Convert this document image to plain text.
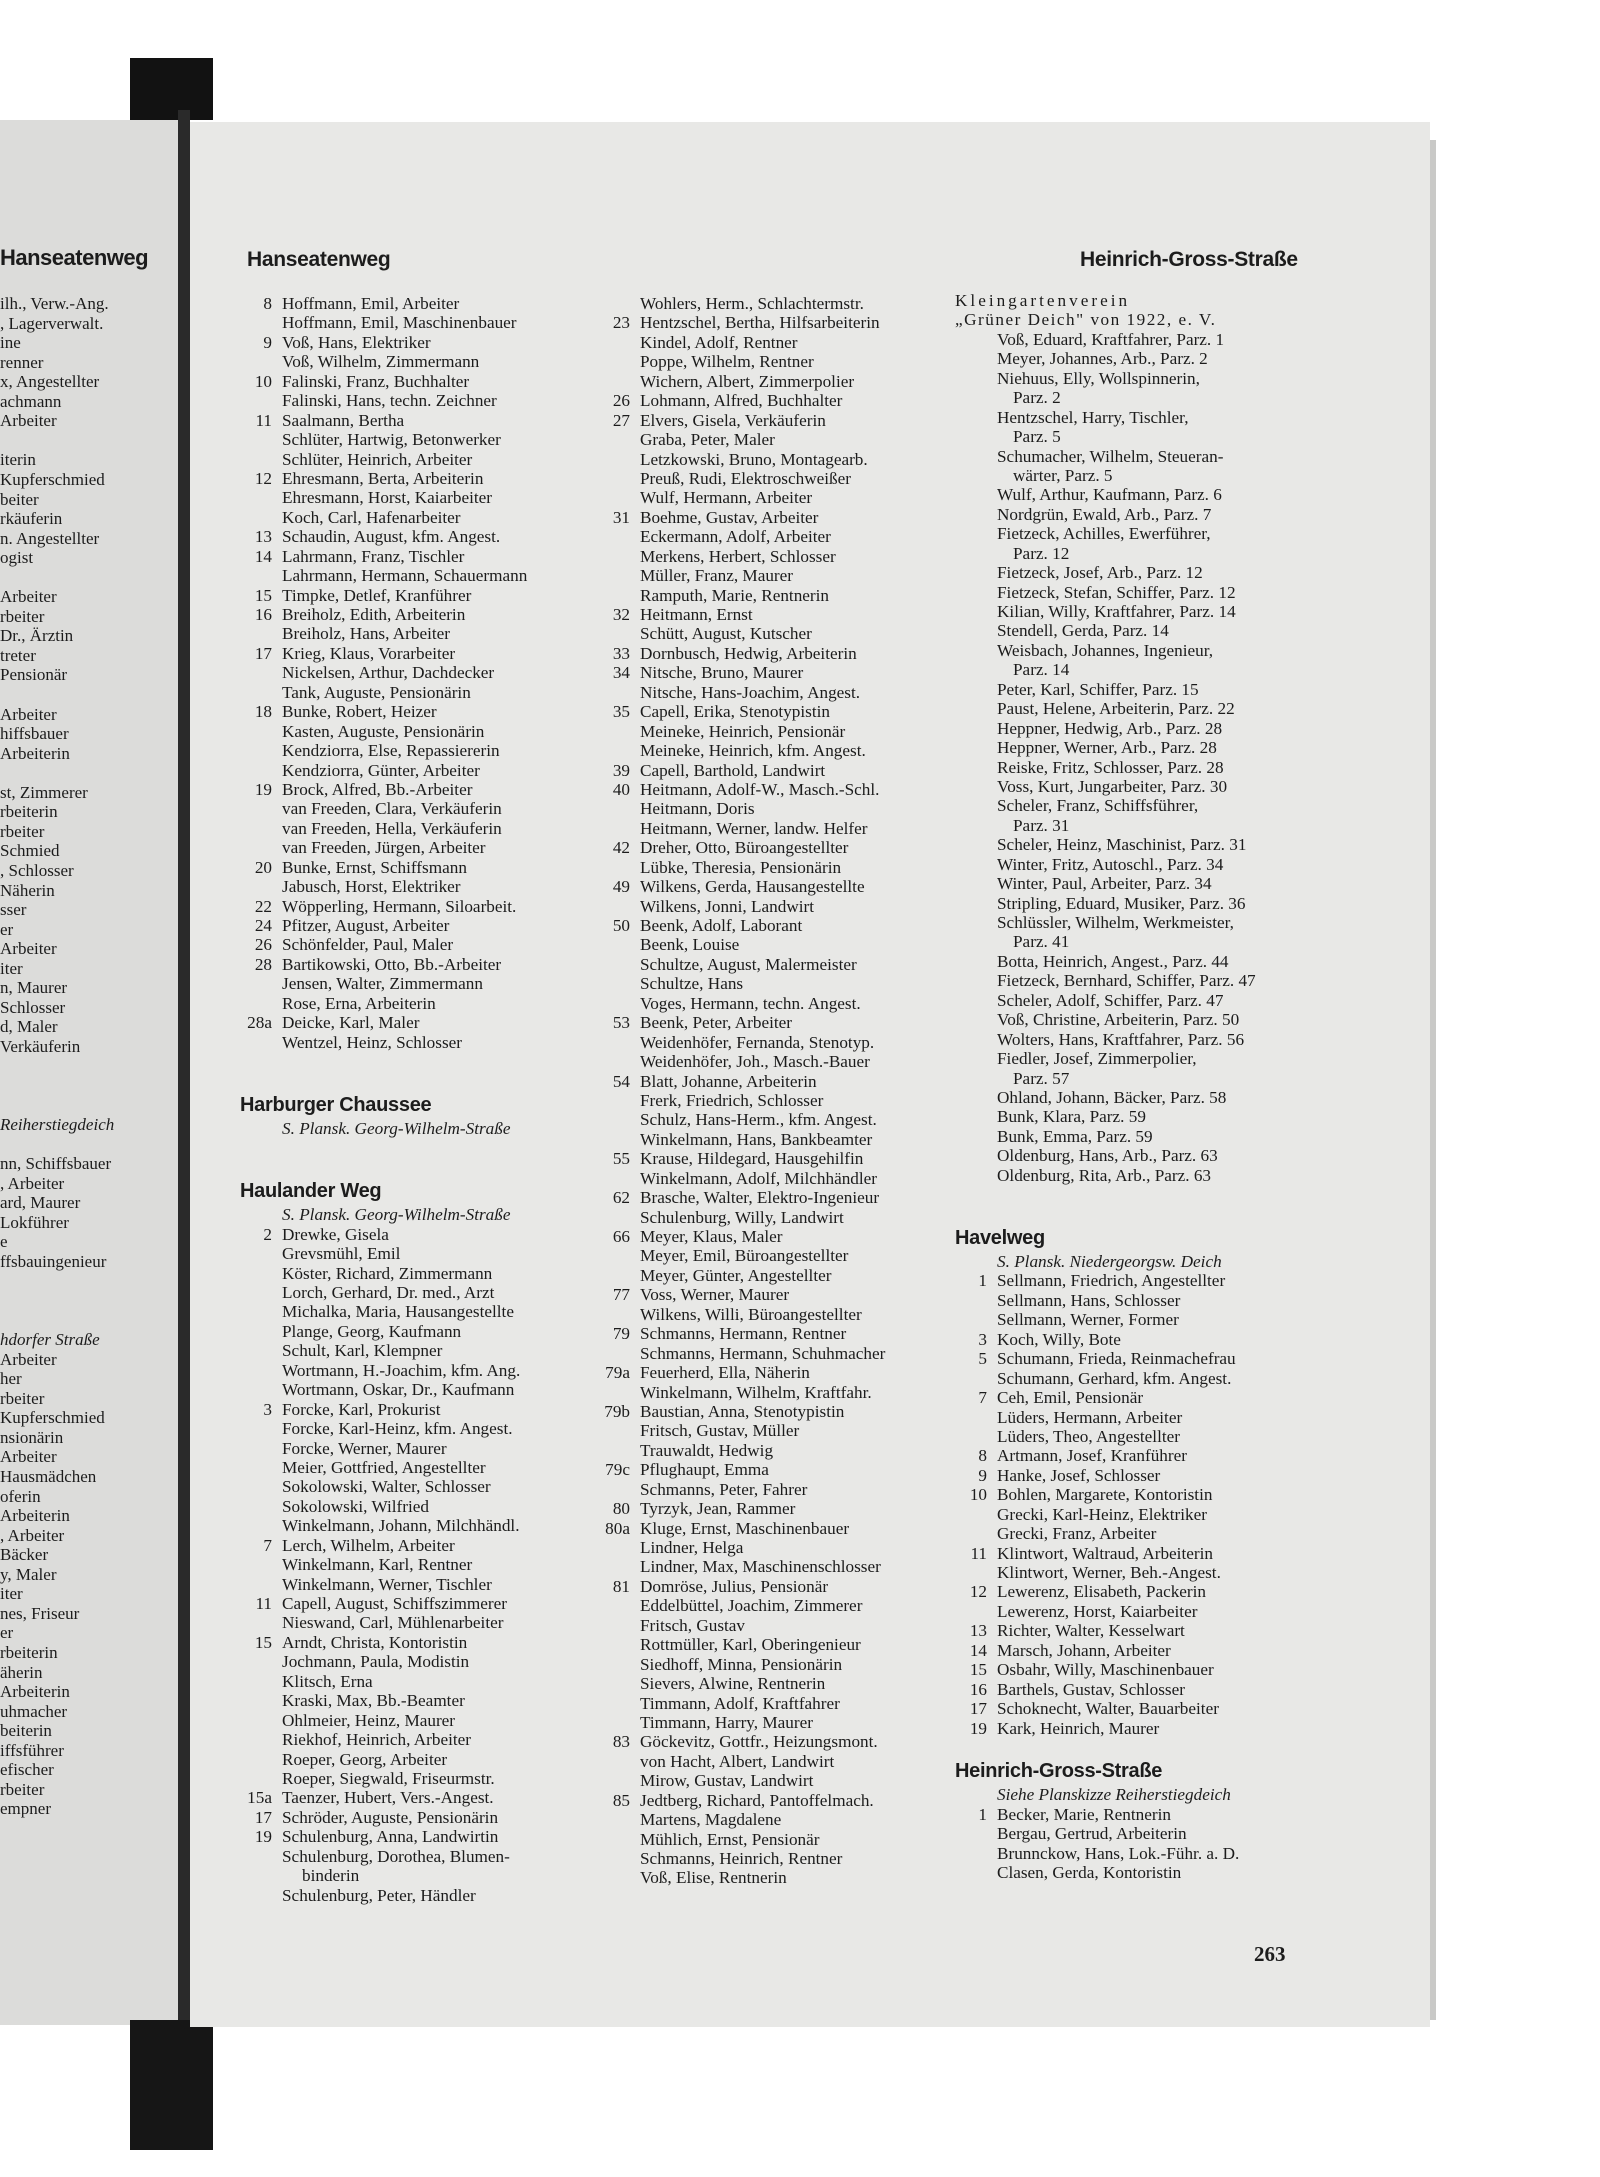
Hanseatenweg
ilh., Verw.-Ang.
, Lagerverwalt.
ine
renner
x, Angestellter
achmann
Arbeiter
iterin
Kupferschmied
beiter
rkäuferin
n. Angestellter
ogist
Arbeiter
rbeiter
Dr., Ärztin
treter
Pensionär
Arbeiter
hiffsbauer
Arbeiterin
st, Zimmerer
rbeiterin
rbeiter
Schmied
, Schlosser
Näherin
sser
er
Arbeiter
iter
n, Maurer
Schlosser
d, Maler
Verkäuferin
Reiherstiegdeich
nn, Schiffsbauer
, Arbeiter
ard, Maurer
Lokführer
e
ffsbauingenieur
hdorfer Straße
Arbeiter
her
rbeiter
Kupferschmied
nsionärin
Arbeiter
Hausmädchen
oferin
Arbeiterin
, Arbeiter
Bäcker
y, Maler
iter
nes, Friseur
er
rbeiterin
äherin
Arbeiterin
uhmacher
beiterin
iffsführer
efischer
rbeiter
empner
Hanseatenweg	Heinrich-Gross-Straße
8 Hoffmann, Emil, Arbeiter
Hoffmann, Emil, Maschinenbauer
9 Voß, Hans, Elektriker
Voß, Wilhelm, Zimmermann
10 Falinski, Franz, Buchhalter
Falinski, Hans, techn. Zeichner
11 Saalmann, Bertha
Schlüter, Hartwig, Betonwerker
Schlüter, Heinrich, Arbeiter
12 Ehresmann, Berta, Arbeiterin
Ehresmann, Horst, Kaiarbeiter
Koch, Carl, Hafenarbeiter
13 Schaudin, August, kfm. Angest.
14 Lahrmann, Franz, Tischler
Lahrmann, Hermann, Schauermann
15 Timpke, Detlef, Kranführer
16 Breiholz, Edith, Arbeiterin
Breiholz, Hans, Arbeiter
17 Krieg, Klaus, Vorarbeiter
Nickelsen, Arthur, Dachdecker
Tank, Auguste, Pensionärin
18 Bunke, Robert, Heizer
Kasten, Auguste, Pensionärin
Kendziorra, Else, Repassiererin
Kendziorra, Günter, Arbeiter
19 Brock, Alfred, Bb.-Arbeiter
van Freeden, Clara, Verkäuferin
van Freeden, Hella, Verkäuferin
van Freeden, Jürgen, Arbeiter
20 Bunke, Ernst, Schiffsmann
Jabusch, Horst, Elektriker
22 Wöpperling, Hermann, Siloarbeit.
24 Pfitzer, August, Arbeiter
26 Schönfelder, Paul, Maler
28 Bartikowski, Otto, Bb.-Arbeiter
Jensen, Walter, Zimmermann
Rose, Erna, Arbeiterin
28a Deicke, Karl, Maler
Wentzel, Heinz, Schlosser
Harburger Chaussee
S. Plansk. Georg-Wilhelm-Straße
Haulander Weg
S. Plansk. Georg-Wilhelm-Straße
2 Drewke, Gisela
Grevsmühl, Emil
Köster, Richard, Zimmermann
Lorch, Gerhard, Dr. med., Arzt
Michalka, Maria, Hausangestellte
Plange, Georg, Kaufmann
Schult, Karl, Klempner
Wortmann, H.-Joachim, kfm. Ang.
Wortmann, Oskar, Dr., Kaufmann
3 Forcke, Karl, Prokurist
Forcke, Karl-Heinz, kfm. Angest.
Forcke, Werner, Maurer
Meier, Gottfried, Angestellter
Sokolowski, Walter, Schlosser
Sokolowski, Wilfried
Winkelmann, Johann, Milchhändl.
7 Lerch, Wilhelm, Arbeiter
Winkelmann, Karl, Rentner
Winkelmann, Werner, Tischler
11 Capell, August, Schiffszimmerer
Nieswand, Carl, Mühlenarbeiter
15 Arndt, Christa, Kontoristin
Jochmann, Paula, Modistin
Klitsch, Erna
Kraski, Max, Bb.-Beamter
Ohlmeier, Heinz, Maurer
Riekhof, Heinrich, Arbeiter
Roeper, Georg, Arbeiter
Roeper, Siegwald, Friseurmstr.
15a Taenzer, Hubert, Vers.-Angest.
17 Schröder, Auguste, Pensionärin
19 Schulenburg, Anna, Landwirtin
Schulenburg, Dorothea, Blumen-
binderin
Schulenburg, Peter, Händler
Wohlers, Herm., Schlachtermstr.
23 Hentzschel, Bertha, Hilfsarbeiterin
Kindel, Adolf, Rentner
Poppe, Wilhelm, Rentner
Wichern, Albert, Zimmerpolier
26 Lohmann, Alfred, Buchhalter
27 Elvers, Gisela, Verkäuferin
Graba, Peter, Maler
Letzkowski, Bruno, Montagearb.
Preuß, Rudi, Elektroschweißer
Wulf, Hermann, Arbeiter
31 Boehme, Gustav, Arbeiter
Eckermann, Adolf, Arbeiter
Merkens, Herbert, Schlosser
Müller, Franz, Maurer
Ramputh, Marie, Rentnerin
32 Heitmann, Ernst
Schütt, August, Kutscher
33 Dornbusch, Hedwig, Arbeiterin
34 Nitsche, Bruno, Maurer
Nitsche, Hans-Joachim, Angest.
35 Capell, Erika, Stenotypistin
Meineke, Heinrich, Pensionär
Meineke, Heinrich, kfm. Angest.
39 Capell, Barthold, Landwirt
40 Heitmann, Adolf-W., Masch.-Schl.
Heitmann, Doris
Heitmann, Werner, landw. Helfer
42 Dreher, Otto, Büroangestellter
Lübke, Theresia, Pensionärin
49 Wilkens, Gerda, Hausangestellte
Wilkens, Jonni, Landwirt
50 Beenk, Adolf, Laborant
Beenk, Louise
Schultze, August, Malermeister
Schultze, Hans
Voges, Hermann, techn. Angest.
53 Beenk, Peter, Arbeiter
Weidenhöfer, Fernanda, Stenotyp.
Weidenhöfer, Joh., Masch.-Bauer
54 Blatt, Johanne, Arbeiterin
Frerk, Friedrich, Schlosser
Schulz, Hans-Herm., kfm. Angest.
Winkelmann, Hans, Bankbeamter
55 Krause, Hildegard, Hausgehilfin
Winkelmann, Adolf, Milchhändler
62 Brasche, Walter, Elektro-Ingenieur
Schulenburg, Willy, Landwirt
66 Meyer, Klaus, Maler
Meyer, Emil, Büroangestellter
Meyer, Günter, Angestellter
77 Voss, Werner, Maurer
Wilkens, Willi, Büroangestellter
79 Schmanns, Hermann, Rentner
Schmanns, Hermann, Schuhmacher
79a Feuerherd, Ella, Näherin
Winkelmann, Wilhelm, Kraftfahr.
79b Baustian, Anna, Stenotypistin
Fritsch, Gustav, Müller
Trauwaldt, Hedwig
79c Pflughaupt, Emma
Schmanns, Peter, Fahrer
80 Tyrzyk, Jean, Rammer
80a Kluge, Ernst, Maschinenbauer
Lindner, Helga
Lindner, Max, Maschinenschlosser
81 Domröse, Julius, Pensionär
Eddelbüttel, Joachim, Zimmerer
Fritsch, Gustav
Rottmüller, Karl, Oberingenieur
Siedhoff, Minna, Pensionärin
Sievers, Alwine, Rentnerin
Timmann, Adolf, Kraftfahrer
Timmann, Harry, Maurer
83 Göckevitz, Gottfr., Heizungsmont.
von Hacht, Albert, Landwirt
Mirow, Gustav, Landwirt
85 Jedtberg, Richard, Pantoffelmach.
Martens, Magdalene
Mühlich, Ernst, Pensionär
Schmanns, Heinrich, Rentner
Voß, Elise, Rentnerin
Kleingartenverein
„Grüner Deich" von 1922, e. V.
Voß, Eduard, Kraftfahrer, Parz. 1
Meyer, Johannes, Arb., Parz. 2
Niehuus, Elly, Wollspinnerin,
Parz. 2
Hentzschel, Harry, Tischler,
Parz. 5
Schumacher, Wilhelm, Steueran-
wärter, Parz. 5
Wulf, Arthur, Kaufmann, Parz. 6
Nordgrün, Ewald, Arb., Parz. 7
Fietzeck, Achilles, Ewerführer,
Parz. 12
Fietzeck, Josef, Arb., Parz. 12
Fietzeck, Stefan, Schiffer, Parz. 12
Kilian, Willy, Kraftfahrer, Parz. 14
Stendell, Gerda, Parz. 14
Weisbach, Johannes, Ingenieur,
Parz. 14
Peter, Karl, Schiffer, Parz. 15
Paust, Helene, Arbeiterin, Parz. 22
Heppner, Hedwig, Arb., Parz. 28
Heppner, Werner, Arb., Parz. 28
Reiske, Fritz, Schlosser, Parz. 28
Voss, Kurt, Jungarbeiter, Parz. 30
Scheler, Franz, Schiffsführer,
Parz. 31
Scheler, Heinz, Maschinist, Parz. 31
Winter, Fritz, Autoschl., Parz. 34
Winter, Paul, Arbeiter, Parz. 34
Stripling, Eduard, Musiker, Parz. 36
Schlüssler, Wilhelm, Werkmeister,
Parz. 41
Botta, Heinrich, Angest., Parz. 44
Fietzeck, Bernhard, Schiffer, Parz. 47
Scheler, Adolf, Schiffer, Parz. 47
Voß, Christine, Arbeiterin, Parz. 50
Wolters, Hans, Kraftfahrer, Parz. 56
Fiedler, Josef, Zimmerpolier,
Parz. 57
Ohland, Johann, Bäcker, Parz. 58
Bunk, Klara, Parz. 59
Bunk, Emma, Parz. 59
Oldenburg, Hans, Arb., Parz. 63
Oldenburg, Rita, Arb., Parz. 63
Havelweg
S. Plansk. Niedergeorgsw. Deich
1 Sellmann, Friedrich, Angestellter
Sellmann, Hans, Schlosser
Sellmann, Werner, Former
3 Koch, Willy, Bote
5 Schumann, Frieda, Reinmachefrau
Schumann, Gerhard, kfm. Angest.
7 Ceh, Emil, Pensionär
Lüders, Hermann, Arbeiter
Lüders, Theo, Angestellter
8 Artmann, Josef, Kranführer
9 Hanke, Josef, Schlosser
10 Bohlen, Margarete, Kontoristin
Grecki, Karl-Heinz, Elektriker
Grecki, Franz, Arbeiter
11 Klintwort, Waltraud, Arbeiterin
Klintwort, Werner, Beh.-Angest.
12 Lewerenz, Elisabeth, Packerin
Lewerenz, Horst, Kaiarbeiter
13 Richter, Walter, Kesselwart
14 Marsch, Johann, Arbeiter
15 Osbahr, Willy, Maschinenbauer
16 Barthels, Gustav, Schlosser
17 Schoknecht, Walter, Bauarbeiter
19 Kark, Heinrich, Maurer
Heinrich-Gross-Straße
Siehe Planskizze Reiherstiegdeich
1 Becker, Marie, Rentnerin
Bergau, Gertrud, Arbeiterin
Brunnckow, Hans, Lok.-Führ. a. D.
Clasen, Gerda, Kontoristin
263
